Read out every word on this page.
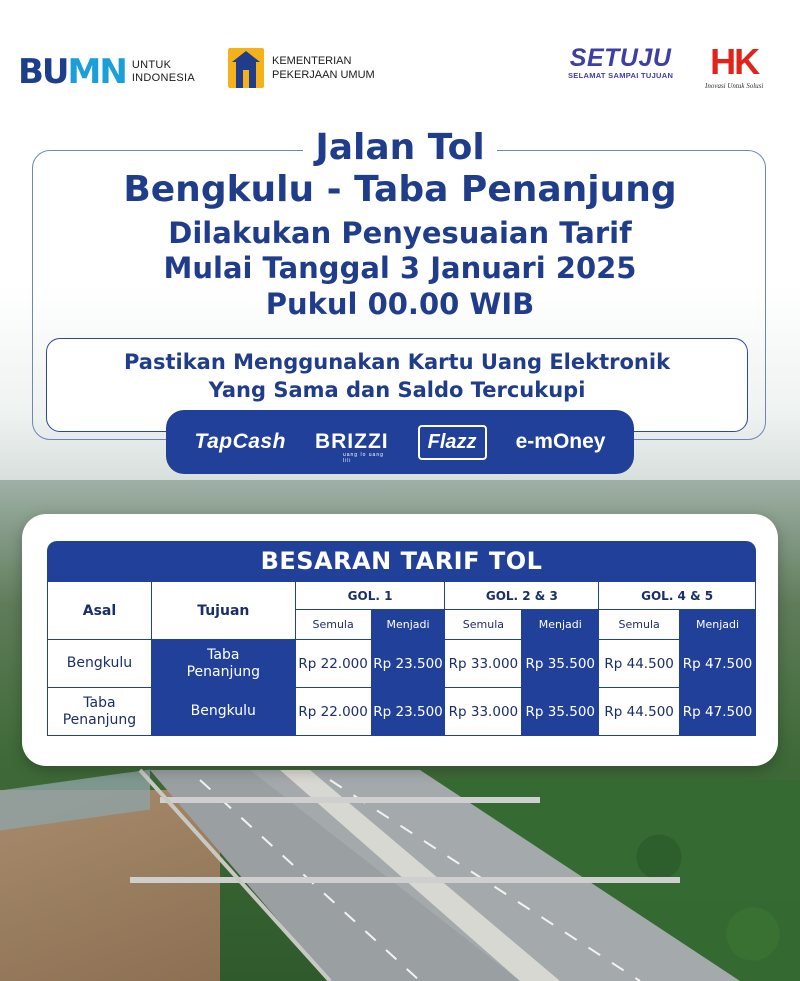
BUMN UNTUK
INDONESIA
KEMENTERIAN
PEKERJAAN UMUM
SETUJU
SELAMAT SAMPAI TUJUAN HK
Inovasi Untuk Solusi
Jalan Tol
Bengkulu - Taba Penanjung
Dilakukan Penyesuaian Tarif
Mulai Tanggal 3 Januari 2025
Pukul 00.00 WIB
Pastikan Menggunakan Kartu Uang Elektronik
Yang Sama dan Saldo Tercukupi
TapCash BRIZZI
uang lo uang lili
Flazz	e-mOney
BESARAN TARIF TOL
Asal	Tujuan	GOL. 1		GOL. 2 & 3		GOL. 4 & 5	
		Semula	Menjadi	Semula	Menjadi	Semula	Menjadi
Bengkulu	Taba Penanjung	Rp 22.000	Rp 23.500	Rp 33.000	Rp 35.500	Rp 44.500	Rp 47.500

Taba Penanjung	Bengkulu	Rp 22.000	Rp 23.500	Rp 33.000	Rp 35.500	Rp 44.500	Rp 47.500
